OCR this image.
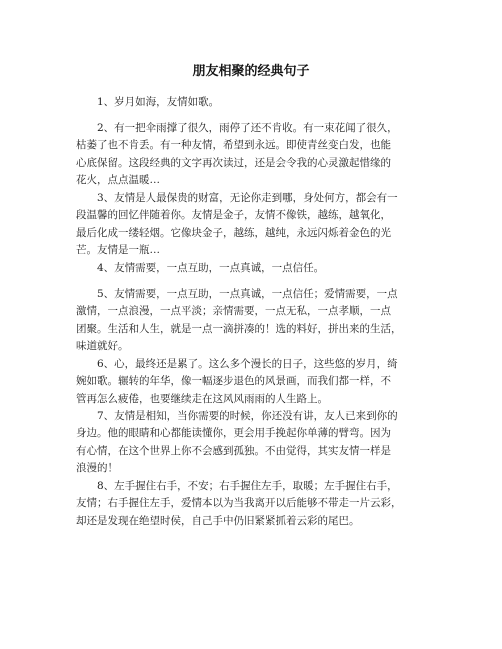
朋友相聚的经典句子
1、岁月如海，友情如歌。
2、有一把伞雨撑了很久，雨停了还不肯收。有一束花闻了很久，
枯萎了也不肯丢。有一种友情，希望到永远。即使青丝变白发，也能
心底保留。这段经典的文字再次读过，还是会令我的心灵激起惜缘的
花火，点点温暖…
3、友情是人最保贵的财富，无论你走到哪，身处何方，都会有一
段温馨的回忆伴随着你。友情是金子，友情不像铁，越练，越氧化，
最后化成一缕轻烟。它像块金子，越练，越纯，永远闪烁着金色的光
芒。友情是一瓶…
4、友情需要，一点互助，一点真诚，一点信任。
5、友情需要，一点互助，一点真诚，一点信任；爱情需要，一点
激情，一点浪漫，一点平淡；亲情需要，一点无私，一点孝顺，一点
团聚。生活和人生，就是一点一滴拼凑的！选的料好，拼出来的生活，
味道就好。
6、心，最终还是累了。这么多个漫长的日子，这些悠的岁月，绮
婉如歌。辗转的年华，像一幅逐步退色的风景画，而我们都一样，不
管再怎么疲倦，也要继续走在这风风雨雨的人生路上。
7、友情是相知，当你需要的时候，你还没有讲，友人已来到你的
身边。他的眼睛和心都能读懂你，更会用手挽起你单薄的臂弯。因为
有心情，在这个世界上你不会感到孤独。不由觉得，其实友情一样是
浪漫的！
8、左手握住右手，不安；右手握住左手，取暖；左手握住右手，
友情；右手握住左手，爱情本以为当我离开以后能够不带走一片云彩，
却还是发现在绝望时侯，自己手中仍旧紧紧抓着云彩的尾巴。
